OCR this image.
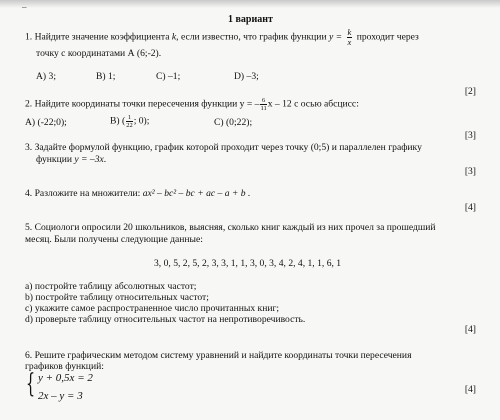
–
1 вариант
1. Найдите значение коэффициента k, если известно, что график функции $y = \frac{k}{x}$ проходит через
точку с координатами А (6;-2).
A) 3;	B) 1;	C) –1;	D) –3;
[2]
2. Найдите координаты точки пересечения функции y = – $\frac{6}{11}x - 12$ с осью абсцисс:
A) (-22;0);	B) ( $\frac{1}{22}$; 0);	C) (0;22);
[3]
3. Задайте формулой функцию, график которой проходит через точку (0;5) и параллелен графику
функции y = –3x.
[3]
4. Разложите на множители: ax² – bc² – bc + ac – a + b .
[4]
5. Социологи опросили 20 школьников, выясняя, сколько книг каждый из них прочел за прошедший
месяц. Были получены следующие данные:
3, 0, 5, 2, 5, 2, 3, 3, 1, 1, 3, 0, 3, 4, 2, 4, 1, 1, 6, 1
a) постройте таблицу абсолютных частот;
b) постройте таблицу относительных частот;
c) укажите самое распространенное число прочитанных книг;
d) проверьте таблицу относительных частот на непротиворечивость.
[4]
6. Решите графическим методом систему уравнений и найдите координаты точки пересечения
графиков функций:
{ y + 0,5x = 2
2x – y = 3
[4]
